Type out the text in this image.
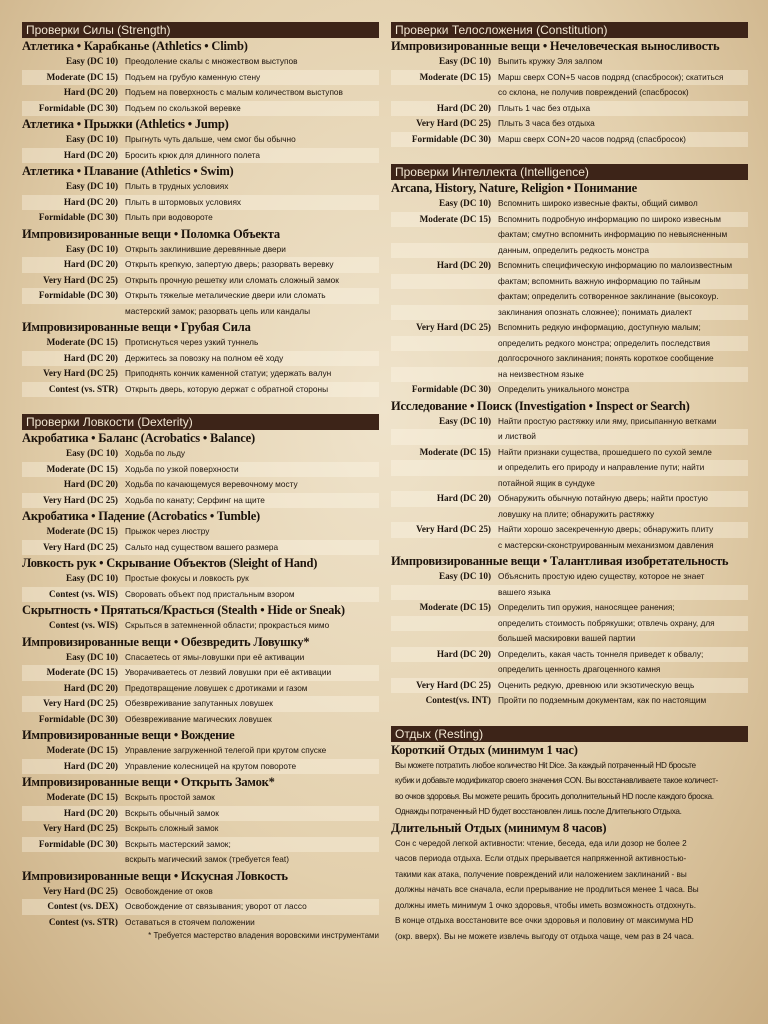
Проверки Силы (Strength)
Атлетика • Карабканье (Athletics • Climb)
Easy (DC 10) Преодоление скалы с множеством выступов
Moderate (DC 15) Подъем на грубую каменную стену
Hard (DC 20) Подъем на поверхность с малым количеством выступов
Formidable (DC 30) Подъем по скользкой веревке
Атлетика • Прыжки (Athletics • Jump)
Easy (DC 10) Прыгнуть чуть дальше, чем смог бы обычно
Hard (DC 20) Бросить крюк для длинного полета
Атлетика • Плавание (Athletics • Swim)
Easy (DC 10) Плыть в трудных условиях
Hard (DC 20) Плыть в штормовых условиях
Formidable (DC 30) Плыть при водовороте
Импровизированные вещи • Поломка Объекта
Easy (DC 10) Открыть заклинившие деревянные двери
Hard (DC 20) Открыть крепкую, запертую дверь; разорвать веревку
Very Hard (DC 25) Открыть прочную решетку или сломать сложный замок
Formidable (DC 30) Открыть тяжелые металические двери или сломать
мастерский замок; разорвать цепь или кандалы
Импровизированные вещи • Грубая Сила
Moderate (DC 15) Протиснуться через узкий туннель
Hard (DC 20) Держитесь за повозку на полном её ходу
Very Hard (DC 25) Приподнять кончик каменной статуи; удержать валун
Contest (vs. STR) Открыть дверь, которую держат с обратной стороны
Проверки Ловкости (Dexterity)
Акробатика • Баланс (Acrobatics • Balance)
Easy (DC 10) Ходьба по льду
Moderate (DC 15) Ходьба по узкой поверхности
Hard (DC 20) Ходьба по качающемуся веревочному мосту
Very Hard (DC 25) Ходьба по канату; Серфинг на щите
Акробатика • Падение (Acrobatics • Tumble)
Moderate (DC 15) Прыжок через люстру
Very Hard (DC 25) Сальто над существом вашего размера
Ловкость рук • Скрывание Объектов (Sleight of Hand)
Easy (DC 10) Простые фокусы и ловкость рук
Contest (vs. WIS) Своровать объект под пристальным взором
Скрытность • Прятаться/Красться (Stealth • Hide or Sneak)
Contest (vs. WIS) Скрыться в затемненной области; прокрасться мимо
Импровизированные вещи • Обезвредить Ловушку*
Easy (DC 10) Спасаетесь от ямы-ловушки при её активации
Moderate (DC 15) Уворачиваетесь от лезвий ловушки при её активации
Hard (DC 20) Предотвращение ловушек с дротиками и газом
Very Hard (DC 25) Обезвреживание запутанных ловушек
Formidable (DC 30) Обезвреживание магических ловушек
Импровизированные вещи • Вождение
Moderate (DC 15) Управление загруженной телегой при крутом спуске
Hard (DC 20) Управление колесницей на крутом повороте
Импровизированные вещи • Открыть Замок*
Moderate (DC 15) Вскрыть простой замок
Hard (DC 20) Вскрыть обычный замок
Very Hard (DC 25) Вскрыть сложный замок
Formidable (DC 30) Вскрыть мастерский замок;
вскрыть магический замок (требуется feat)
Импровизированные вещи • Искусная Ловкость
Very Hard (DC 25) Освобождение от оков
Contest (vs. DEX) Освобождение от связывания; уворот от лассо
Contest (vs. STR) Оставаться в стоячем положении
* Требуется мастерство владения воровскими инструментами
Проверки Телосложения (Constitution)
Импровизированные вещи • Нечеловеческая выносливость
Easy (DC 10) Выпить кружку Эля залпом
Moderate (DC 15) Марш сверх CON+5 часов подряд (спасбросок); скатиться
со склона, не получив повреждений (спасбросок)
Hard (DC 20) Плыть 1 час без отдыха
Very Hard (DC 25) Плыть 3 часа без отдыха
Formidable (DC 30) Марш сверх CON+20 часов подряд (спасбросок)
Проверки Интеллекта (Intelligence)
Arcana, History, Nature, Religion • Понимание
Easy (DC 10) Вспомнить широко извесные факты, общий символ
Moderate (DC 15) Вспомнить подробную информацию по широко извесным
фактам; смутно вспомнить информацию по невыясненным
данным, определить редкость монстра
Hard (DC 20) Вспомнить специфическую информацию по малоизвестным
фактам; вспомнить важную информацию по тайным
фактам; определить сотворенное заклинание (высокоур.
заклинания опознать сложнее); понимать диалект
Very Hard (DC 25) Вспомнить редкую информацию, доступную малым;
определить редкого монстра; определить последствия
долгосрочного заклинания; понять короткое сообщение
на неизвестном языке
Formidable (DC 30) Определить уникального монстра
Исследование • Поиск (Investigation • Inspect or Search)
Easy (DC 10) Найти простую растяжку или яму, присыпанную ветками
и листвой
Moderate (DC 15) Найти признаки существа, прошедшего по сухой земле
и определить его природу и направление пути; найти
потайной ящик в сундуке
Hard (DC 20) Обнаружить обычную потайную дверь; найти простую
ловушку на плите; обнаружить растяжку
Very Hard (DC 25) Найти хорошо засекреченную дверь; обнаружить плиту
с мастерски-сконструированным механизмом давления
Импровизированные вещи • Талантливая изобретательность
Easy (DC 10) Объяснить простую идею существу, которое не знает
вашего языка
Moderate (DC 15) Определить тип оружия, наносящее ранения;
определить стоимость побрякушки; отвлечь охрану, для
большей маскировки вашей партии
Hard (DC 20) Определить, какая часть тоннеля приведет к обвалу;
определить ценность драгоценного камня
Very Hard (DC 25) Оценить редкую, древнюю или экзотическую вещь
Contest(vs. INT) Пройти по подземным документам, как по настоящим
Отдых (Resting)
Короткий Отдых (минимум 1 час)
Вы можете потратить любое количество Hit Dice. За каждый потраченный HD бросьте
кубик и добавьте модификатор своего значения CON. Вы восстанавливаете такое количест-
во очков здоровья. Вы можете решить бросить дополнительный HD после каждого броска.
Однажды потраченный HD будет восстановлен лишь после Длительного Отдыха.
Длительный Отдых (минимум 8 часов)
Сон с чередой легкой активности: чтение, беседа, еда или дозор не более 2
часов периода отдыха. Если отдых прерывается напряженной активностью-
такими как атака, получение повреждений или наложением заклинаний - вы
должны начать все сначала, если прерывание не продлиться менее 1 часа. Вы
должны иметь минимум 1 очко здоровья, чтобы иметь возможность отдохнуть.
В конце отдыха восстановите все очки здоровья и половину от максимума HD
(окр. вверх). Вы не можете извлечь выгоду от отдыха чаще, чем раз в 24 часа.
